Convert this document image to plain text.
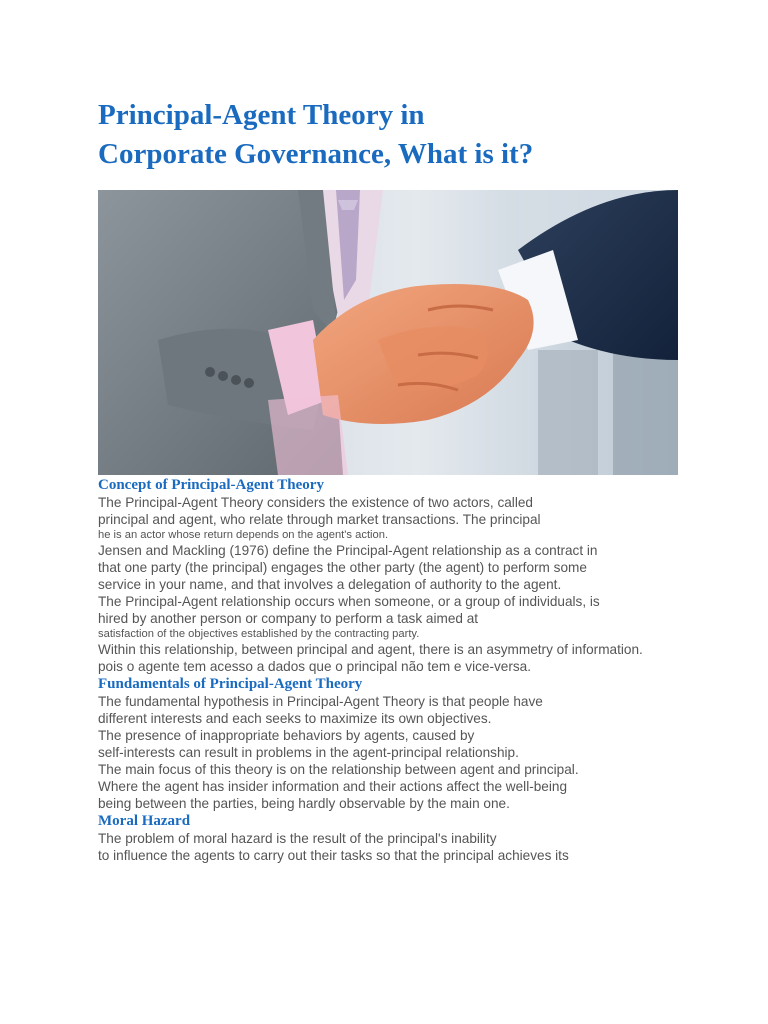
Principal-Agent Theory in
Corporate Governance, What is it?
Concept of Principal-Agent Theory

The Principal-Agent Theory considers the existence of two actors, called

principal and agent, who relate through market transactions. The principal

he is an actor whose return depends on the agent's action.

Jensen and Mackling (1976) define the Principal-Agent relationship as a contract in

that one party (the principal) engages the other party (the agent) to perform some

service in your name, and that involves a delegation of authority to the agent.

The Principal-Agent relationship occurs when someone, or a group of individuals, is

hired by another person or company to perform a task aimed at

satisfaction of the objectives established by the contracting party.

Within this relationship, between principal and agent, there is an asymmetry of information.

pois o agente tem acesso a dados que o principal não tem e vice-versa.

Fundamentals of Principal-Agent Theory

The fundamental hypothesis in Principal-Agent Theory is that people have

different interests and each seeks to maximize its own objectives.

The presence of inappropriate behaviors by agents, caused by

self-interests can result in problems in the agent-principal relationship.

The main focus of this theory is on the relationship between agent and principal.

Where the agent has insider information and their actions affect the well-being

being between the parties, being hardly observable by the main one.

Moral Hazard

The problem of moral hazard is the result of the principal's inability

to influence the agents to carry out their tasks so that the principal achieves its
